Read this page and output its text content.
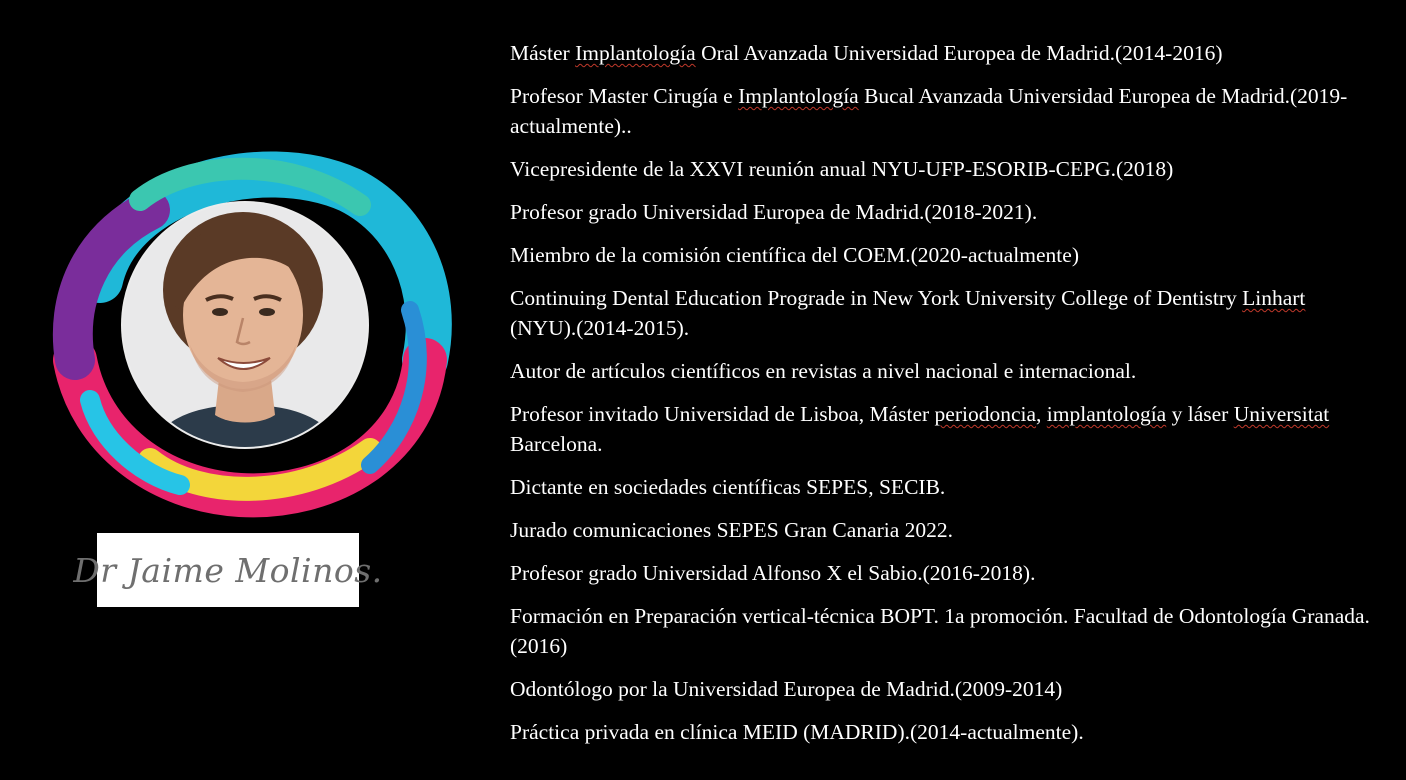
Dr Jaime Molinos.
Máster Implantología Oral Avanzada Universidad Europea de Madrid.(2014-2016)
Profesor Master Cirugía e Implantología Bucal Avanzada Universidad Europea de Madrid.(2019- actualmente)..
Vicepresidente de la XXVI reunión anual NYU-UFP-ESORIB-CEPG.(2018)
Profesor grado Universidad Europea de Madrid.(2018-2021).
Miembro de la comisión científica del COEM.(2020-actualmente)
Continuing Dental Education Prograde in New York University College of Dentistry Linhart (NYU).(2014-2015).
Autor de artículos científicos en revistas a nivel nacional e internacional.
Profesor invitado Universidad de Lisboa, Máster periodoncia, implantología y láser Universitat Barcelona.
Dictante en sociedades científicas SEPES, SECIB.
Jurado comunicaciones SEPES Gran Canaria 2022.
Profesor grado Universidad Alfonso X el Sabio.(2016-2018).
Formación en Preparación vertical-técnica BOPT. 1a promoción. Facultad de Odontología Granada. (2016)
Odontólogo por la Universidad Europea de Madrid.(2009-2014)
Práctica privada en clínica MEID (MADRID).(2014-actualmente).
